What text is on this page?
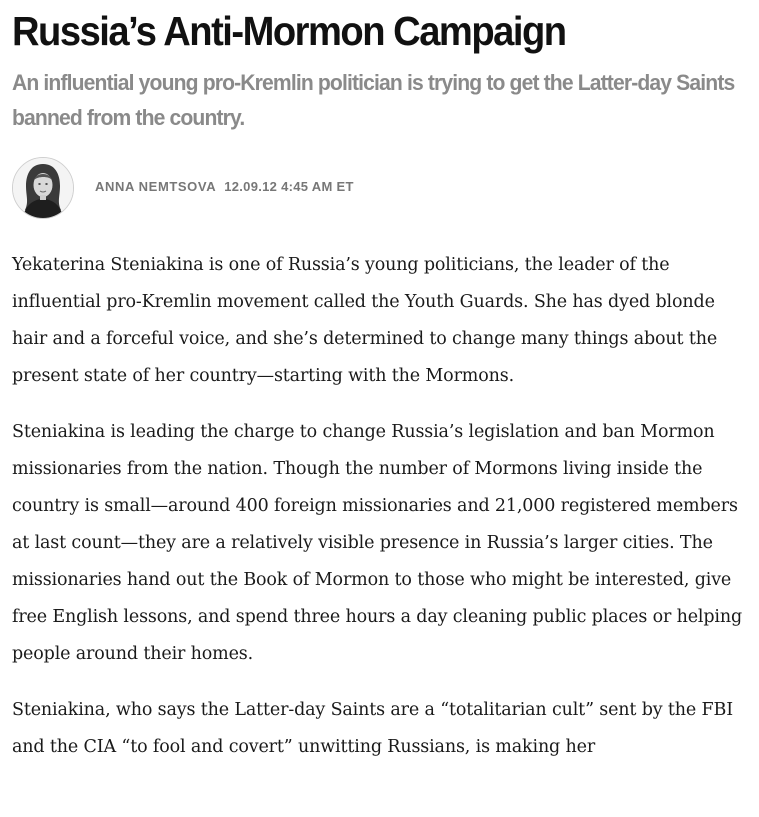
Russia’s Anti-Mormon Campaign
An influential young pro-Kremlin politician is trying to get the Latter-day Saints banned from the country.
ANNA NEMTSOVA 12.09.12 4:45 AM ET

Yekaterina Steniakina is one of Russia’s young politicians, the leader of the influential pro-Kremlin movement called the Youth Guards. She has dyed blonde hair and a forceful voice, and she’s determined to change many things about the present state of her country—starting with the Mormons.

Steniakina is leading the charge to change Russia’s legislation and ban Mormon missionaries from the nation. Though the number of Mormons living inside the country is small—around 400 foreign missionaries and 21,000 registered members at last count—they are a relatively visible presence in Russia’s larger cities. The missionaries hand out the Book of Mormon to those who might be interested, give free English lessons, and spend three hours a day cleaning public places or helping people around their homes.

Steniakina, who says the Latter-day Saints are a “totalitarian cult” sent by the FBI and the CIA “to fool and covert” unwitting Russians, is making her
